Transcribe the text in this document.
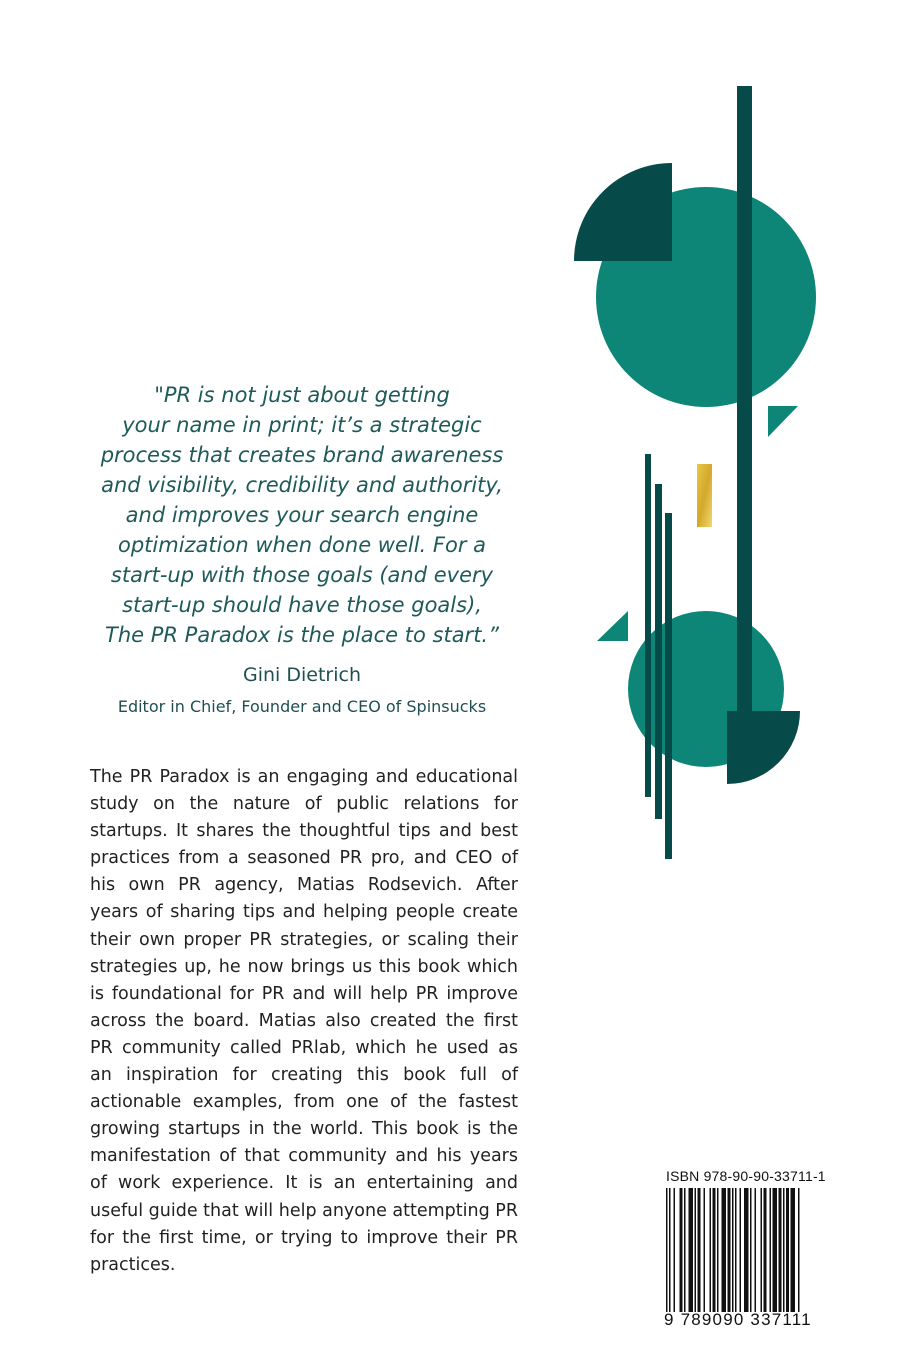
"PR is not just about getting
your name in print; it’s a strategic
process that creates brand awareness
and visibility, credibility and authority,
and improves your search engine
optimization when done well. For a
start-up with those goals (and every
start-up should have those goals),
The PR Paradox is the place to start.”

Gini Dietrich

Editor in Chief, Founder and CEO of Spinsucks

The PR Paradox is an engaging and educational study on the nature of public relations for startups. It shares the thoughtful tips and best practices from a seasoned PR pro, and CEO of his own PR agency, Matias Rodsevich. After years of sharing tips and helping people create their own proper PR strategies, or scaling their strategies up, he now brings us this book which is foundational for PR and will help PR improve across the board. Matias also created the first PR community called PRlab, which he used as an inspiration for creating this book full of actionable examples, from one of the fastest growing startups in the world. This book is the manifestation of that community and his years of work experience. It is an entertaining and useful guide that will help anyone attempting PR for the first time, or trying to improve their PR practices.

ISBN 978-90-90-33711-1

9 789090 337111
